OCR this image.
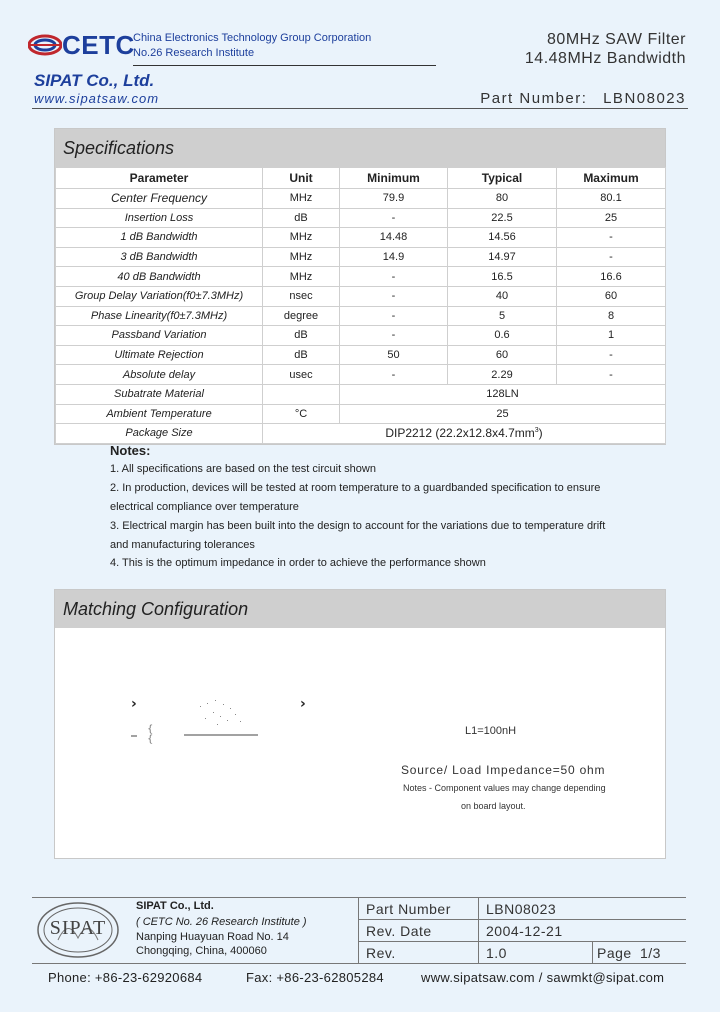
CETC
China Electronics Technology Group Corporation
No.26 Research Institute
SIPAT Co., Ltd.
www.sipatsaw.com
80MHz SAW Filter
14.48MHz Bandwidth
Part Number: LBN08023
Specifications
Parameter	Unit	Minimum	Typical	Maximum
Center Frequency	MHz	79.9	80	80.1
Insertion Loss	dB	-	22.5	25
1 dB Bandwidth	MHz	14.48	14.56	-
3 dB Bandwidth	MHz	14.9	14.97	-
40 dB Bandwidth	MHz	-	16.5	16.6
Group Delay Variation(f0±7.3MHz)	nsec	-	40	60
Phase Linearity(f0±7.3MHz)	degree	-	5	8
Passband Variation	dB	-	0.6	1
Ultimate Rejection	dB	50	60	-
Absolute delay	usec	-	2.29	-
Subatrate Material		128LN		
Ambient Temperature	°C	25		
Package Size	DIP2212 $(22.2x12.8x4.7mm^3)$			
Notes:
1. All specifications are based on the test circuit shown
2. In production, devices will be tested at room temperature to a guardbanded specification to ensure
electrical compliance over temperature
3. Electrical margin has been built into the design to account for the variations due to temperature drift
and manufacturing tolerances
4. This is the optimum impedance in order to achieve the performance shown
Matching Configuration
›	›
{
{
L1=100nH
Source/ Load Impedance=50 ohm
Notes - Component values may change depending
on board layout.
SIPAT
SIPAT Co., Ltd.
( CETC No. 26 Research Institute )
Nanping Huayuan Road No. 14
Chongqing, China, 400060
Part Number	LBN08023
Rev. Date	2004-12-21
Rev.	1.0	Page 1/3
Phone: +86-23-62920684	Fax: +86-23-62805284	www.sipatsaw.com / sawmkt@sipat.com
